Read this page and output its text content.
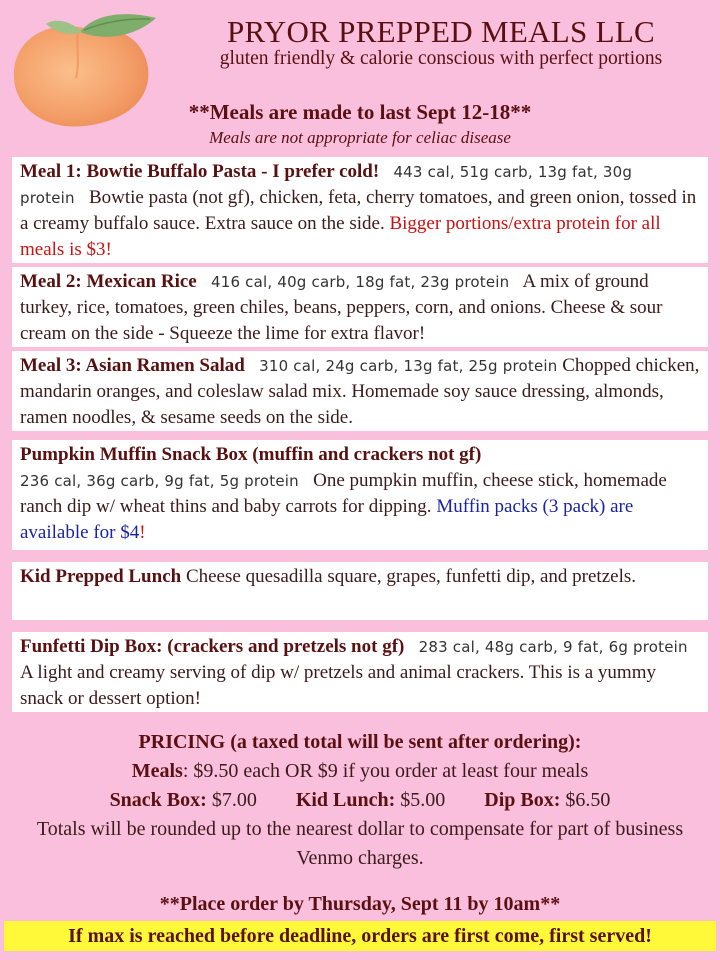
PRYOR PREPPED MEALS LLC
gluten friendly & calorie conscious with perfect portions
**Meals are made to last Sept 12-18**
Meals are not appropriate for celiac disease
Meal 1: Bowtie Buffalo Pasta - I prefer cold! 443 cal, 51g carb, 13g fat, 30g protein Bowtie pasta (not gf), chicken, feta, cherry tomatoes, and green onion, tossed in a creamy buffalo sauce. Extra sauce on the side. Bigger portions/extra protein for all meals is $3!
Meal 2: Mexican Rice 416 cal, 40g carb, 18g fat, 23g protein A mix of ground turkey, rice, tomatoes, green chiles, beans, peppers, corn, and onions. Cheese & sour cream on the side - Squeeze the lime for extra flavor!
Meal 3: Asian Ramen Salad 310 cal, 24g carb, 13g fat, 25g protein Chopped chicken, mandarin oranges, and coleslaw salad mix. Homemade soy sauce dressing, almonds, ramen noodles, & sesame seeds on the side.
Pumpkin Muffin Snack Box (muffin and crackers not gf)
236 cal, 36g carb, 9g fat, 5g protein One pumpkin muffin, cheese stick, homemade ranch dip w/ wheat thins and baby carrots for dipping. Muffin packs (3 pack) are available for $4!
Kid Prepped Lunch Cheese quesadilla square, grapes, funfetti dip, and pretzels.
Funfetti Dip Box: (crackers and pretzels not gf) 283 cal, 48g carb, 9 fat, 6g protein   A light and creamy serving of dip w/ pretzels and animal crackers. This is a yummy snack or dessert option!
PRICING (a taxed total will be sent after ordering):
Meals: $9.50 each OR $9 if you order at least four meals
Snack Box: $7.00 Kid Lunch: $5.00 Dip Box: $6.50
Totals will be rounded up to the nearest dollar to compensate for part of business Venmo charges.
**Place order by Thursday, Sept 11 by 10am**
If max is reached before deadline, orders are first come, first served!
